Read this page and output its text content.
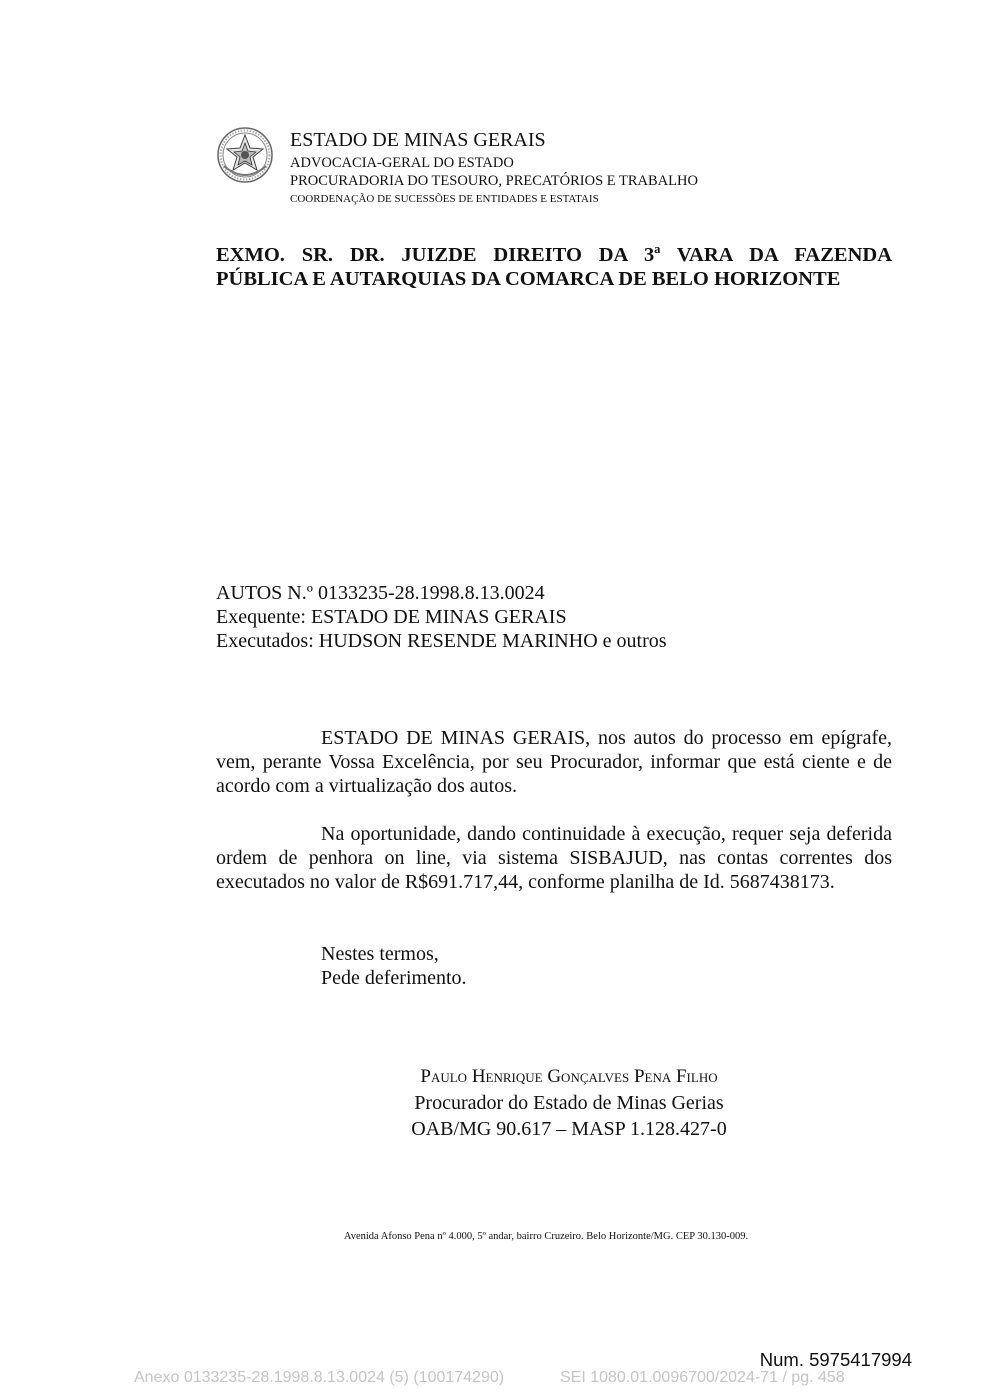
ESTADO DE MINAS GERAIS
ADVOCACIA-GERAL DO ESTADO
PROCURADORIA DO TESOURO, PRECATÓRIOS E TRABALHO
COORDENAÇÃO DE SUCESSÕES DE ENTIDADES E ESTATAIS
EXMO. SR. DR. JUIZDE DIREITO DA 3ª VARA DA FAZENDA
PÚBLICA E AUTARQUIAS DA COMARCA DE BELO HORIZONTE
AUTOS N.º 0133235-28.1998.8.13.0024
Exequente: ESTADO DE MINAS GERAIS
Executados: HUDSON RESENDE MARINHO e outros
ESTADO DE MINAS GERAIS, nos autos do processo em epígrafe, vem, perante Vossa Excelência, por seu Procurador, informar que está ciente e de acordo com a virtualização dos autos.
Na oportunidade, dando continuidade à execução, requer seja deferida ordem de penhora on line, via sistema SISBAJUD, nas contas correntes dos executados no valor de R$691.717,44, conforme planilha de Id. 5687438173.
Nestes termos,
Pede deferimento.
Paulo Henrique Gonçalves Pena Filho
Procurador do Estado de Minas Gerias
OAB/MG 90.617 – MASP 1.128.427-0
Avenida Afonso Pena nº 4.000, 5º andar, bairro Cruzeiro. Belo Horizonte/MG. CEP 30.130-009.
Num. 5975417994
Anexo 0133235-28.1998.8.13.0024 (5) (100174290)	SEI 1080.01.0096700/2024-71 / pg. 458
